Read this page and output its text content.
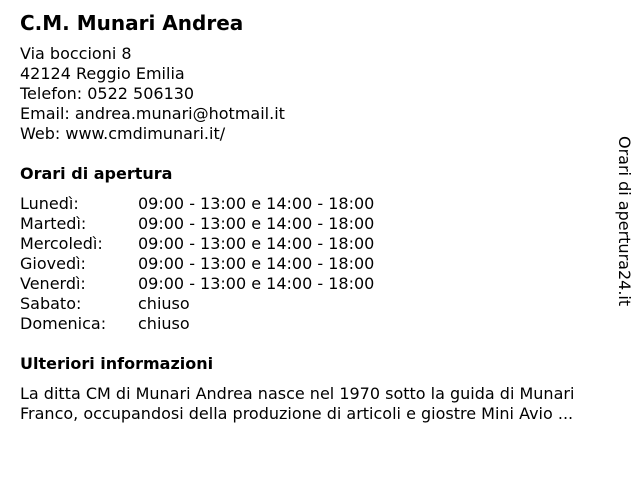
C.M. Munari Andrea
Via boccioni 8
42124 Reggio Emilia
Telefon: 0522 506130
Email: andrea.munari@hotmail.it
Web: www.cmdimunari.it/
Orari di apertura
Lunedì:	09:00 - 13:00 e 14:00 - 18:00
Martedì:	09:00 - 13:00 e 14:00 - 18:00
Mercoledì: 09:00 - 13:00 e 14:00 - 18:00
Giovedì:	09:00 - 13:00 e 14:00 - 18:00
Venerdì:	09:00 - 13:00 e 14:00 - 18:00
Sabato:	chiuso
Domenica: chiuso
Ulteriori informazioni
La ditta CM di Munari Andrea nasce nel 1970 sotto la guida di Munari
Franco, occupandosi della produzione di articoli e giostre Mini Avio ...
Orari di apertura24.it
